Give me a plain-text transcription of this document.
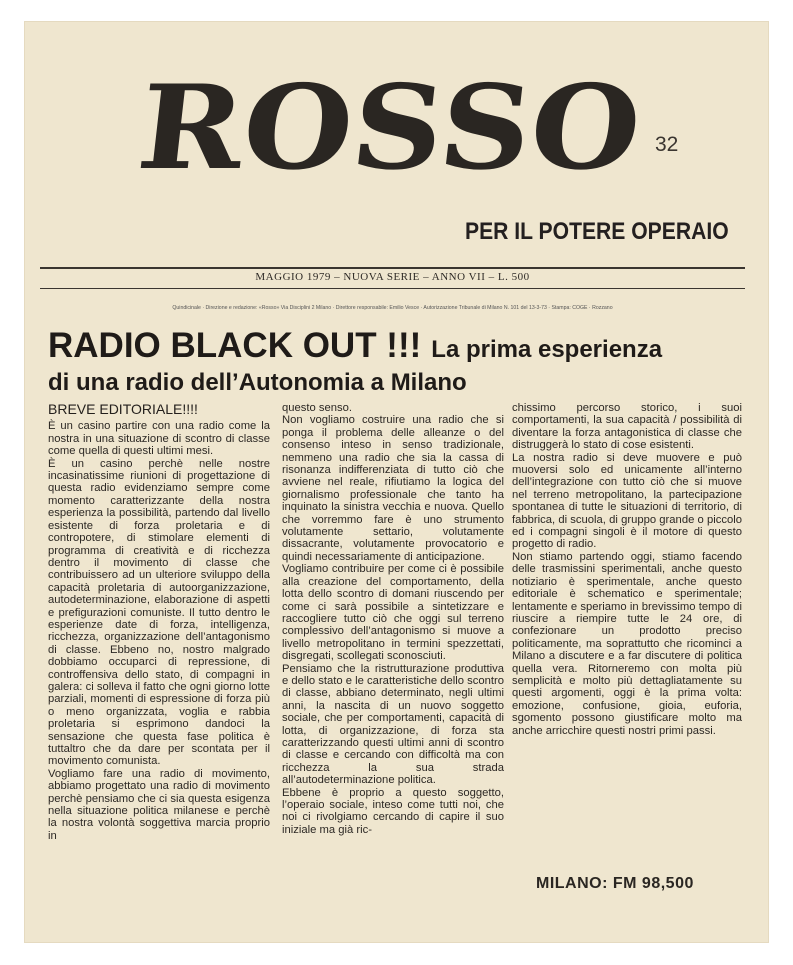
ROSSO 32
PER IL POTERE OPERAIO
MAGGIO 1979 – NUOVA SERIE – ANNO VII – L. 500
Quindicinale · Direzione e redazione: «Rosso» Via Disciplini 2 Milano · Direttore responsabile: Emilio Vesce · Autorizzazione Tribunale di Milano N. 101 del 13-3-73 · Stampa: COGE · Rozzano
RADIO BLACK OUT !!! La prima esperienza
di una radio dell’Autonomia a Milano
BREVE EDITORIALE!!!!

È un casino partire con una radio come la nostra in una situazione di scontro di classe come quella di questi ultimi mesi.

È un casino perchè nelle nostre incasinatissime riunioni di progettazione di questa radio evidenziamo sempre come momento caratterizzante della nostra esperienza la possibilità, partendo dal livello esistente di forza proletaria e di contropotere, di stimolare elementi di programma di creatività e di ricchezza dentro il movimento di classe che contribuissero ad un ulteriore sviluppo della capacità proletaria di autoorganizzazione, autodeterminazione, elaborazione di aspetti e prefigurazioni comuniste. Il tutto dentro le esperienze date di forza, intelligenza, ricchezza, organizzazione dell’antagonismo di classe. Ebbeno no, nostro malgrado dobbiamo occuparci di repressione, di controffensiva dello stato, di compagni in galera: ci solleva il fatto che ogni giorno lotte parziali, momenti di espressione di forza più o meno organizzata, voglia e rabbia proletaria si esprimono dandoci la sensazione che questa fase politica è tuttaltro che da dare per scontata per il movimento comunista.

Vogliamo fare una radio di movimento, abbiamo progettato una radio di movimento perchè pensiamo che ci sia questa esigenza nella situazione politica milanese e perchè la nostra volontà soggettiva marcia proprio in

questo senso.

Non vogliamo costruire una radio che si ponga il problema delle alleanze o del consenso inteso in senso tradizionale, nemmeno una radio che sia la cassa di risonanza indifferenziata di tutto ciò che avviene nel reale, rifiutiamo la logica del giornalismo professionale che tanto ha inquinato la sinistra vecchia e nuova. Quello che vorremmo fare è uno strumento volutamente settario, volutamente dissacrante, volutamente provocatorio e quindi necessariamente di anticipazione.

Vogliamo contribuire per come ci è possibile alla creazione del comportamento, della lotta dello scontro di domani riuscendo per come ci sarà possibile a sintetizzare e raccogliere tutto ciò che oggi sul terreno complessivo dell’antagonismo si muove a livello metropolitano in termini spezzettati, disgregati, scollegati sconosciuti.

Pensiamo che la ristrutturazione produttiva e dello stato e le caratteristiche dello scontro di classe, abbiano determinato, negli ultimi anni, la nascita di un nuovo soggetto sociale, che per comportamenti, capacità di lotta, di organizzazione, di forza sta caratterizzando questi ultimi anni di scontro di classe e cercando con difficoltà ma con ricchezza la sua strada all’autodeterminazione politica.

Ebbene è proprio a questo soggetto, l’operaio sociale, inteso come tutti noi, che noi ci rivolgiamo cercando di capire il suo iniziale ma già ric-

chissimo percorso storico, i suoi comportamenti, la sua capacità / possibilità di diventare la forza antagonistica di classe che distruggerà lo stato di cose esistenti.

La nostra radio si deve muovere e può muoversi solo ed unicamente all’interno dell’integrazione con tutto ciò che si muove nel terreno metropolitano, la partecipazione spontanea di tutte le situazioni di territorio, di fabbrica, di scuola, di gruppo grande o piccolo ed i compagni singoli è il motore di questo progetto di radio.

Non stiamo partendo oggi, stiamo facendo delle trasmissini sperimentali, anche questo notiziario è sperimentale, anche questo editoriale è schematico e sperimentale; lentamente e speriamo in brevissimo tempo di riuscire a riempire tutte le 24 ore, di confezionare un prodotto preciso politicamente, ma soprattutto che ricominci a Milano a discutere e a far discutere di politica quella vera. Ritorneremo con molta più semplicità e molto più dettagliatamente su questi argomenti, oggi è la prima volta: emozione, confusione, gioia, euforia, sgomento possono giustificare molto ma anche arricchire questi nostri primi passi.

MILANO: FM 98,500
